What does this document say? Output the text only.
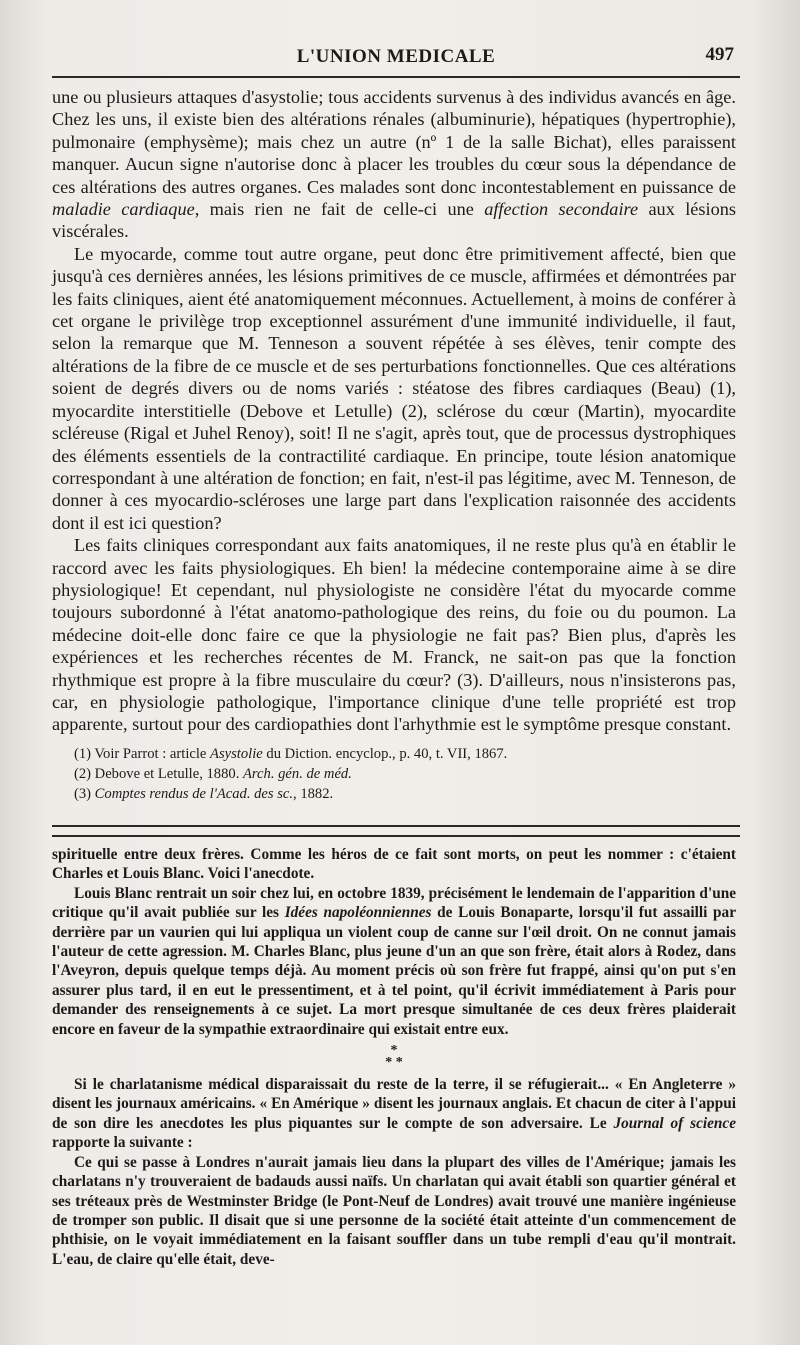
L'UNION MEDICALE	497

une ou plusieurs attaques d'asystolie; tous accidents survenus à des individus avancés en âge. Chez les uns, il existe bien des altérations rénales (albuminurie), hépatiques (hypertrophie), pulmonaire (emphysème); mais chez un autre (nº 1 de la salle Bichat), elles paraissent manquer. Aucun signe n'autorise donc à placer les troubles du cœur sous la dépendance de ces altérations des autres organes. Ces malades sont donc incontestablement en puissance de maladie cardiaque, mais rien ne fait de celle-ci une affection secondaire aux lésions viscérales.

Le myocarde, comme tout autre organe, peut donc être primitivement affecté, bien que jusqu'à ces dernières années, les lésions primitives de ce muscle, affirmées et démontrées par les faits cliniques, aient été anatomiquement méconnues. Actuellement, à moins de conférer à cet organe le privilège trop exceptionnel assurément d'une immunité individuelle, il faut, selon la remarque que M. Tenneson a souvent répétée à ses élèves, tenir compte des altérations de la fibre de ce muscle et de ses perturbations fonctionnelles. Que ces altérations soient de degrés divers ou de noms variés : stéatose des fibres cardiaques (Beau) (1), myocardite interstitielle (Debove et Letulle) (2), sclérose du cœur (Martin), myocardite scléreuse (Rigal et Juhel Renoy), soit! Il ne s'agit, après tout, que de processus dystrophiques des éléments essentiels de la contractilité cardiaque. En principe, toute lésion anatomique correspondant à une altération de fonction; en fait, n'est-il pas légitime, avec M. Tenneson, de donner à ces myocardio-scléroses une large part dans l'explication raisonnée des accidents dont il est ici question?

Les faits cliniques correspondant aux faits anatomiques, il ne reste plus qu'à en établir le raccord avec les faits physiologiques. Eh bien! la médecine contemporaine aime à se dire physiologique! Et cependant, nul physiologiste ne considère l'état du myocarde comme toujours subordonné à l'état anatomo-pathologique des reins, du foie ou du poumon. La médecine doit-elle donc faire ce que la physiologie ne fait pas? Bien plus, d'après les expériences et les recherches récentes de M. Franck, ne sait-on pas que la fonction rhythmique est propre à la fibre musculaire du cœur? (3). D'ailleurs, nous n'insisterons pas, car, en physiologie pathologique, l'importance clinique d'une telle propriété est trop apparente, surtout pour des cardiopathies dont l'arhythmie est le symptôme presque constant.

(1) Voir Parrot : article Asystolie du Diction. encyclop., p. 40, t. VII, 1867.
(2) Debove et Letulle, 1880. Arch. gén. de méd.
(3) Comptes rendus de l'Acad. des sc., 1882.

spirituelle entre deux frères. Comme les héros de ce fait sont morts, on peut les nommer : c'étaient Charles et Louis Blanc. Voici l'anecdote.

Louis Blanc rentrait un soir chez lui, en octobre 1839, précisément le lendemain de l'apparition d'une critique qu'il avait publiée sur les Idées napoléonniennes de Louis Bonaparte, lorsqu'il fut assailli par derrière par un vaurien qui lui appliqua un violent coup de canne sur l'œil droit. On ne connut jamais l'auteur de cette agression. M. Charles Blanc, plus jeune d'un an que son frère, était alors à Rodez, dans l'Aveyron, depuis quelque temps déjà. Au moment précis où son frère fut frappé, ainsi qu'on put s'en assurer plus tard, il en eut le pressentiment, et à tel point, qu'il écrivit immédiatement à Paris pour demander des renseignements à ce sujet. La mort presque simultanée de ces deux frères plaiderait encore en faveur de la sympathie extraordinaire qui existait entre eux.

*
* *

Si le charlatanisme médical disparaissait du reste de la terre, il se réfugierait... « En Angleterre » disent les journaux américains. « En Amérique » disent les journaux anglais. Et chacun de citer à l'appui de son dire les anecdotes les plus piquantes sur le compte de son adversaire. Le Journal of science rapporte la suivante :

Ce qui se passe à Londres n'aurait jamais lieu dans la plupart des villes de l'Amérique; jamais les charlatans n'y trouveraient de badauds aussi naïfs. Un charlatan qui avait établi son quartier général et ses tréteaux près de Westminster Bridge (le Pont-Neuf de Londres) avait trouvé une manière ingénieuse de tromper son public. Il disait que si une personne de la société était atteinte d'un commencement de phthisie, on le voyait immédiatement en la faisant souffler dans un tube rempli d'eau qu'il montrait. L'eau, de claire qu'elle était, deve-
